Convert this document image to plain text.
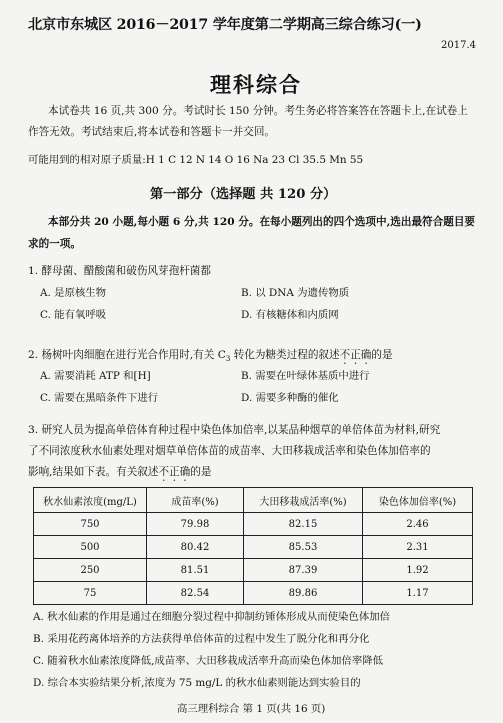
北京市东城区 2016－2017 学年度第二学期高三综合练习(一)
2017.4
理科综合
本试卷共 16 页,共 300 分。考试时长 150 分钟。考生务必将答案答在答题卡上,在试卷上作答无效。考试结束后,将本试卷和答题卡一并交回。
可能用到的相对原子质量:H 1 C 12 N 14 O 16 Na 23 Cl 35.5 Mn 55
第一部分（选择题 共 120 分）
本部分共 20 小题,每小题 6 分,共 120 分。在每小题列出的四个选项中,选出最符合题目要求的一项。
1. 酵母菌、醋酸菌和破伤风芽孢杆菌都
A. 是原核生物	B. 以 DNA 为遗传物质
C. 能有氧呼吸	D. 有核糖体和内质网
2. 杨树叶肉细胞在进行光合作用时,有关 $C_3$ 转化为糖类过程的叙述不正确的是
A. 需要消耗 ATP 和[H]	B. 需要在叶绿体基质中进行
C. 需要在黑暗条件下进行	D. 需要多种酶的催化
3. 研究人员为提高单倍体育种过程中染色体加倍率,以某品种烟草的单倍体苗为材料,研究
了不同浓度秋水仙素处理对烟草单倍体苗的成苗率、大田移栽成活率和染色体加倍率的
影响,结果如下表。有关叙述不正确的是
秋水仙素浓度(mg/L)	成苗率(%)	大田移栽成活率(%)	染色体加倍率(%)
750	79.98	82.15	2.46
500	80.42	85.53	2.31
250	81.51	87.39	1.92
75	82.54	89.86	1.17
A. 秋水仙素的作用是通过在细胞分裂过程中抑制纺锤体形成从而使染色体加倍
B. 采用花药离体培养的方法获得单倍体苗的过程中发生了脱分化和再分化
C. 随着秋水仙素浓度降低,成苗率、大田移栽成活率升高而染色体加倍率降低
D. 综合本实验结果分析,浓度为 75 mg/L 的秋水仙素则能达到实验目的
高三理科综合 第 1 页(共 16 页)
